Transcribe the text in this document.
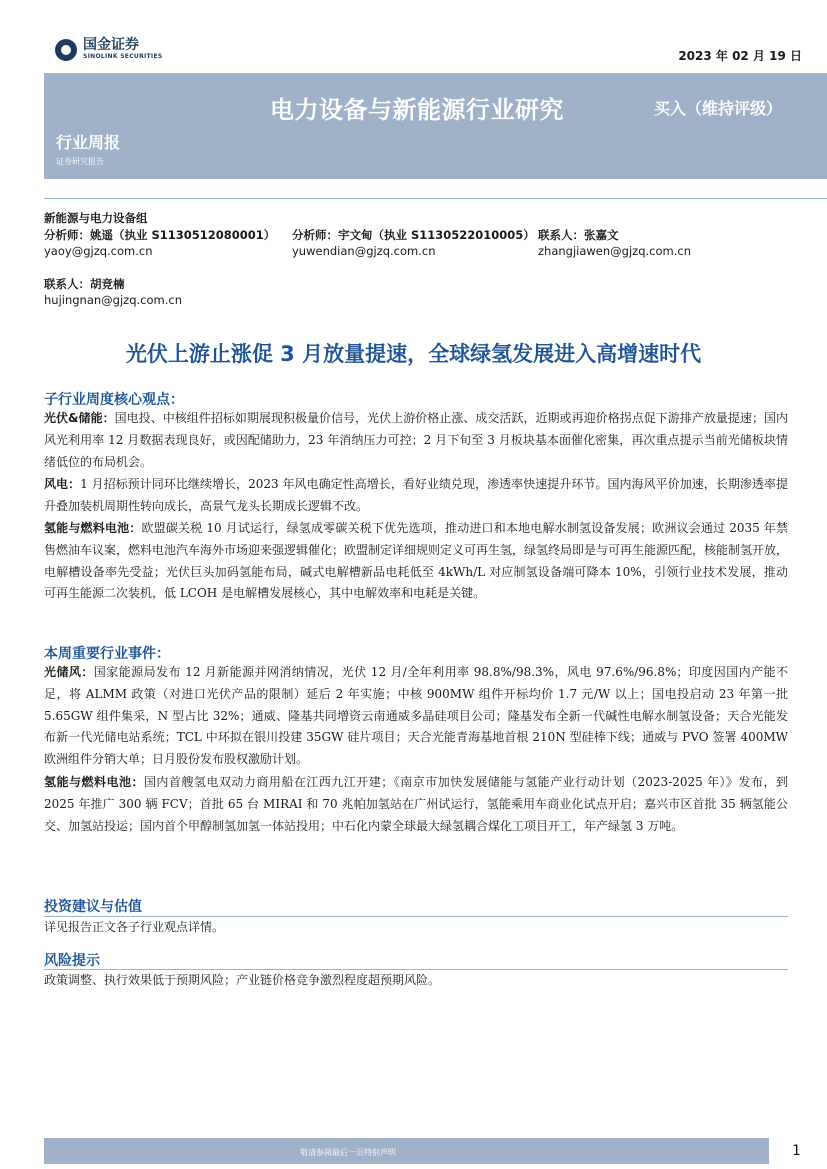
国金证券
SINOLINK SECURITIES	2023 年 02 月 19 日
电力设备与新能源行业研究	买入（维持评级）
行业周报
证券研究报告
新能源与电力设备组
分析师：姚遥（执业 S1130512080001）
yaoy@gjzq.com.cn
分析师：宇文甸（执业 S1130522010005）
yuwendian@gjzq.com.cn
联系人：张嘉文
zhangjiawen@gjzq.com.cn
联系人：胡竞楠
hujingnan@gjzq.com.cn
光伏上游止涨促 3 月放量提速，全球绿氢发展进入高增速时代
子行业周度核心观点：
光伏&储能：国电投、中核组件招标如期展现积极量价信号，光伏上游价格止涨、成交活跃，近期或再迎价格拐点促下游排产放量提速；国内风光利用率 12 月数据表现良好，或因配储助力，23 年消纳压力可控；2 月下旬至 3 月板块基本面催化密集，再次重点提示当前光储板块情绪低位的布局机会。
风电：1 月招标预计同环比继续增长，2023 年风电确定性高增长，看好业绩兑现，渗透率快速提升环节。国内海风平价加速，长期渗透率提升叠加装机周期性转向成长，高景气龙头长期成长逻辑不改。
氢能与燃料电池：欧盟碳关税 10 月试运行，绿氢成零碳关税下优先选项，推动进口和本地电解水制氢设备发展；欧洲议会通过 2035 年禁售燃油车议案，燃料电池汽车海外市场迎来强逻辑催化；欧盟制定详细规则定义可再生氢，绿氢终局即是与可再生能源匹配，核能制氢开放，电解槽设备率先受益；光伏巨头加码氢能布局，碱式电解槽新品电耗低至 4kWh/L 对应制氢设备端可降本 10%，引领行业技术发展，推动可再生能源二次装机，低 LCOH 是电解槽发展核心，其中电解效率和电耗是关键。
本周重要行业事件：
光储风：国家能源局发布 12 月新能源并网消纳情况，光伏 12 月/全年利用率 98.8%/98.3%，风电 97.6%/96.8%；印度因国内产能不足，将 ALMM 政策（对进口光伏产品的限制）延后 2 年实施；中核 900MW 组件开标均价 1.7 元/W 以上；国电投启动 23 年第一批 5.65GW 组件集采，N 型占比 32%；通威、隆基共同增资云南通威多晶硅项目公司；隆基发布全新一代碱性电解水制氢设备；天合光能发布新一代光储电站系统；TCL 中环拟在银川投建 35GW 硅片项目；天合光能青海基地首根 210N 型硅棒下线；通威与 PVO 签署 400MW 欧洲组件分销大单；日月股份发布股权激励计划。
氢能与燃料电池：国内首艘氢电双动力商用船在江西九江开建；《南京市加快发展储能与氢能产业行动计划（2023-2025 年）》发布，到 2025 年推广 300 辆 FCV；首批 65 台 MIRAI 和 70 兆帕加氢站在广州试运行，氢能乘用车商业化试点开启；嘉兴市区首批 35 辆氢能公交、加氢站投运；国内首个甲醇制氢加氢一体站投用；中石化内蒙全球最大绿氢耦合煤化工项目开工，年产绿氢 3 万吨。
投资建议与估值
详见报告正文各子行业观点详情。
风险提示
政策调整、执行效果低于预期风险；产业链价格竞争激烈程度超预期风险。
敬请参阅最后一页特别声明	1
